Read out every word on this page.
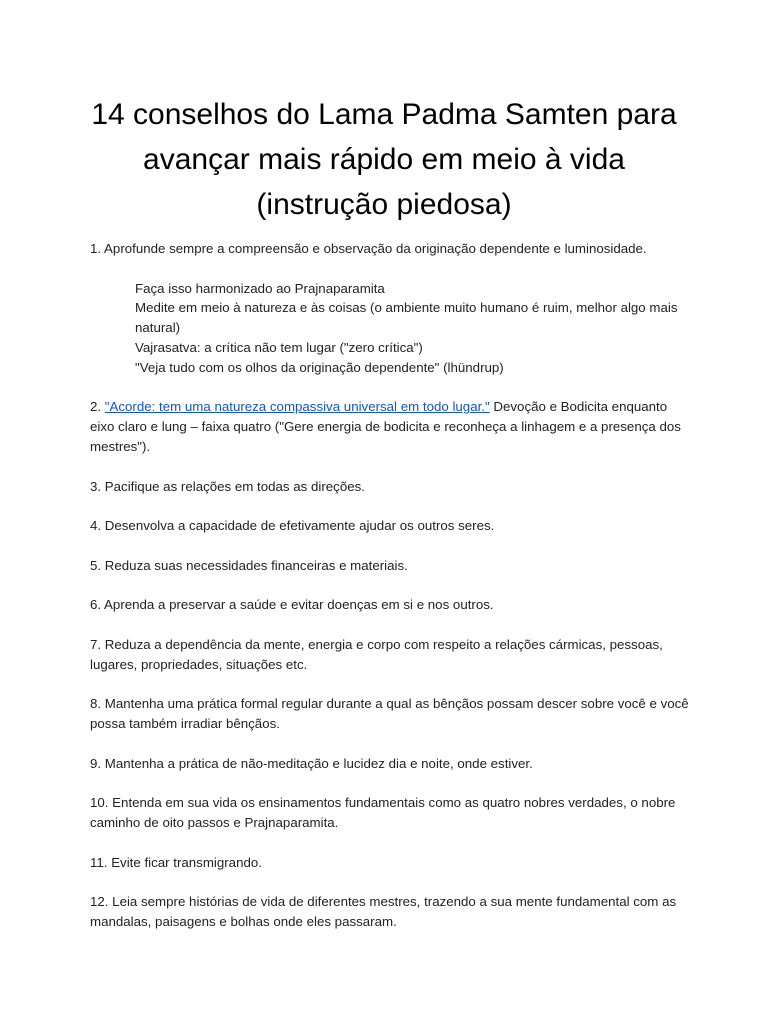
14 conselhos do Lama Padma Samten para avançar mais rápido em meio à vida (instrução piedosa)

1. Aprofunde sempre a compreensão e observação da originação dependente e luminosidade.

Faça isso harmonizado ao Prajnaparamita

Medite em meio à natureza e às coisas (o ambiente muito humano é ruim, melhor algo mais natural)

Vajrasatva: a crítica não tem lugar ("zero crítica")

"Veja tudo com os olhos da originação dependente" (lhündrup)

2. "Acorde: tem uma natureza compassiva universal em todo lugar." Devoção e Bodicita enquanto eixo claro e lung – faixa quatro ("Gere energia de bodicita e reconheça a linhagem e a presença dos mestres").

3. Pacifique as relações em todas as direções.

4. Desenvolva a capacidade de efetivamente ajudar os outros seres.

5. Reduza suas necessidades financeiras e materiais.

6. Aprenda a preservar a saúde e evitar doenças em si e nos outros.

7. Reduza a dependência da mente, energia e corpo com respeito a relações cármicas, pessoas, lugares, propriedades, situações etc.

8. Mantenha uma prática formal regular durante a qual as bênçãos possam descer sobre você e você possa também irradiar bênçãos.

9. Mantenha a prática de não-meditação e lucidez dia e noite, onde estiver.

10. Entenda em sua vida os ensinamentos fundamentais como as quatro nobres verdades, o nobre caminho de oito passos e Prajnaparamita.

11. Evite ficar transmigrando.

12. Leia sempre histórias de vida de diferentes mestres, trazendo a sua mente fundamental com as mandalas, paisagens e bolhas onde eles passaram.
